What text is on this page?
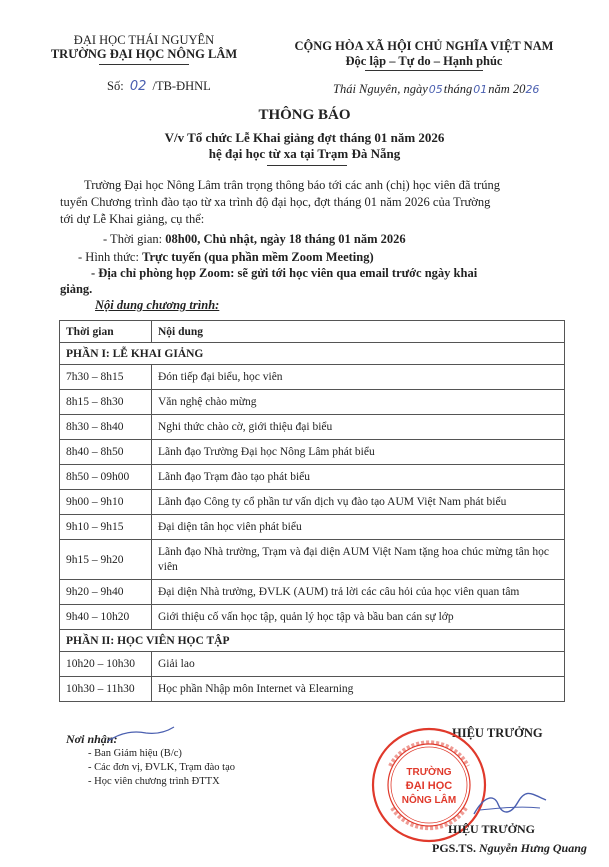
ĐẠI HỌC THÁI NGUYÊN
TRƯỜNG ĐẠI HỌC NÔNG LÂM
Số: 02 /TB-ĐHNL
CỘNG HÒA XÃ HỘI CHỦ NGHĨA VIỆT NAM
Độc lập – Tự do – Hạnh phúc
Thái Nguyên, ngày05tháng01năm 2026
THÔNG BÁO
V/v Tổ chức Lễ Khai giảng đợt tháng 01 năm 2026
hệ đại học từ xa tại Trạm Đà Nẵng
Trường Đại học Nông Lâm trân trọng thông báo tới các anh (chị) học viên đã trúng
tuyển Chương trình đào tạo từ xa trình độ đại học, đợt tháng 01 năm 2026 của Trường
tới dự Lễ Khai giảng, cụ thể:
- Thời gian: 08h00, Chủ nhật, ngày 18 tháng 01 năm 2026
- Hình thức: Trực tuyến (qua phần mềm Zoom Meeting)
- Địa chỉ phòng họp Zoom: sẽ gửi tới học viên qua email trước ngày khai
giảng.
Nội dung chương trình:
Thời gian	Nội dung
PHẦN I: LỄ KHAI GIẢNG	
7h30 – 8h15	Đón tiếp đại biểu, học viên
8h15 – 8h30	Văn nghệ chào mừng
8h30 – 8h40	Nghi thức chào cờ, giới thiệu đại biểu
8h40 – 8h50	Lãnh đạo Trường Đại học Nông Lâm phát biểu
8h50 – 09h00	Lãnh đạo Trạm đào tạo phát biểu
9h00 – 9h10	Lãnh đạo Công ty cổ phần tư vấn dịch vụ đào tạo AUM Việt Nam phát biểu
9h10 – 9h15	Đại diện tân học viên phát biểu
9h15 – 9h20	Lãnh đạo Nhà trường, Trạm và đại diện AUM Việt Nam tặng hoa chúc mừng tân học viên
9h20 – 9h40	Đại diện Nhà trường, ĐVLK (AUM) trả lời các câu hỏi của học viên quan tâm
9h40 – 10h20	Giới thiệu cố vấn học tập, quản lý học tập và bầu ban cán sự lớp
PHẦN II: HỌC VIÊN HỌC TẬP	
10h20 – 10h30	Giải lao
10h30 – 11h30	Học phần Nhập môn Internet và Elearning
Nơi nhận:
- Ban Giám hiệu (B/c)
- Các đơn vị, ĐVLK, Trạm đào tạo
- Học viên chương trình ĐTTX
HIỆU TRƯỞNG
TRƯỜNG
ĐẠI HỌC
NÔNG LÂM
HIỆU TRƯỞNG
PGS.TS. Nguyễn Hưng Quang
